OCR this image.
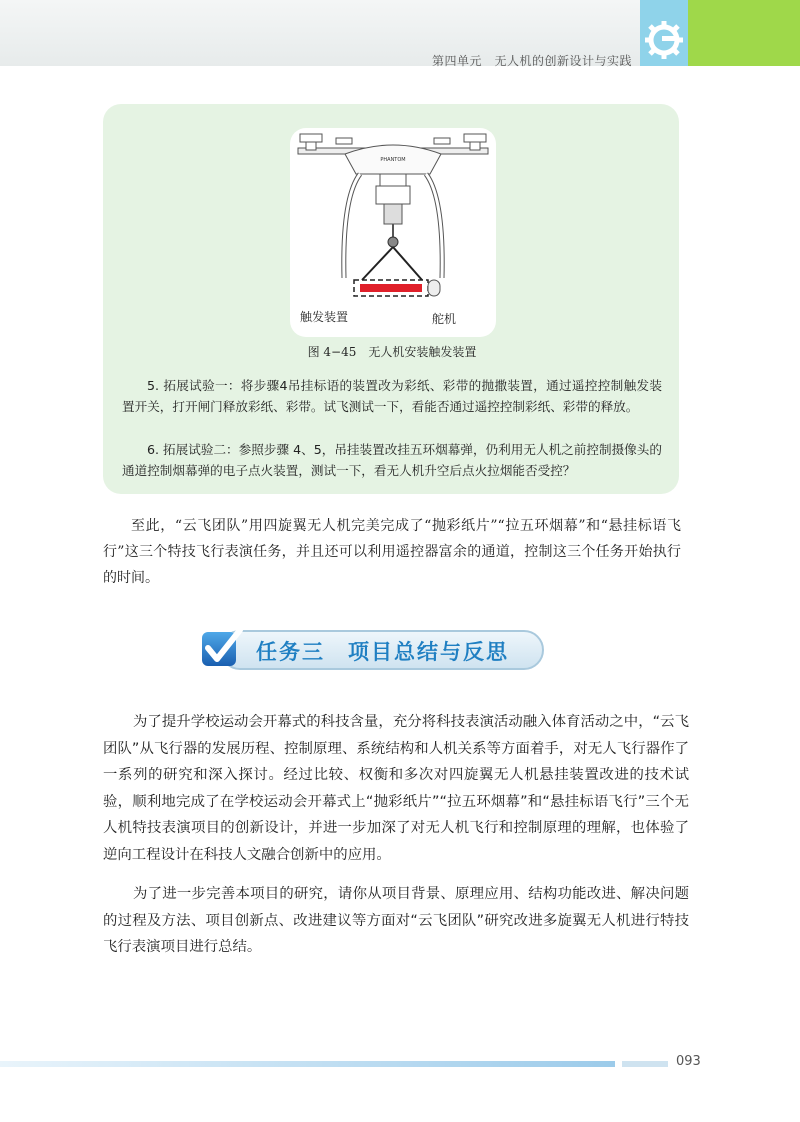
第四单元　无人机的创新设计与实践
PHANTOM
触发装置	舵机
图 4−45　无人机安装触发装置

5. 拓展试验一：将步骤4吊挂标语的装置改为彩纸、彩带的抛撒装置，通过遥控控制触发装置开关，打开闸门释放彩纸、彩带。试飞测试一下，看能否通过遥控控制彩纸、彩带的释放。

6. 拓展试验二：参照步骤 4、5，吊挂装置改挂五环烟幕弹，仍利用无人机之前控制摄像头的通道控制烟幕弹的电子点火装置，测试一下，看无人机升空后点火拉烟能否受控？

至此，“云飞团队”用四旋翼无人机完美完成了“抛彩纸片”“拉五环烟幕”和“悬挂标语飞行”这三个特技飞行表演任务，并且还可以利用遥控器富余的通道，控制这三个任务开始执行的时间。

任务三　项目总结与反思

为了提升学校运动会开幕式的科技含量，充分将科技表演活动融入体育活动之中，“云飞团队”从飞行器的发展历程、控制原理、系统结构和人机关系等方面着手，对无人飞行器作了一系列的研究和深入探讨。经过比较、权衡和多次对四旋翼无人机悬挂装置改进的技术试验，顺利地完成了在学校运动会开幕式上“抛彩纸片”“拉五环烟幕”和“悬挂标语飞行”三个无人机特技表演项目的创新设计，并进一步加深了对无人机飞行和控制原理的理解，也体验了逆向工程设计在科技人文融合创新中的应用。

为了进一步完善本项目的研究，请你从项目背景、原理应用、结构功能改进、解决问题的过程及方法、项目创新点、改进建议等方面对“云飞团队”研究改进多旋翼无人机进行特技飞行表演项目进行总结。

093
